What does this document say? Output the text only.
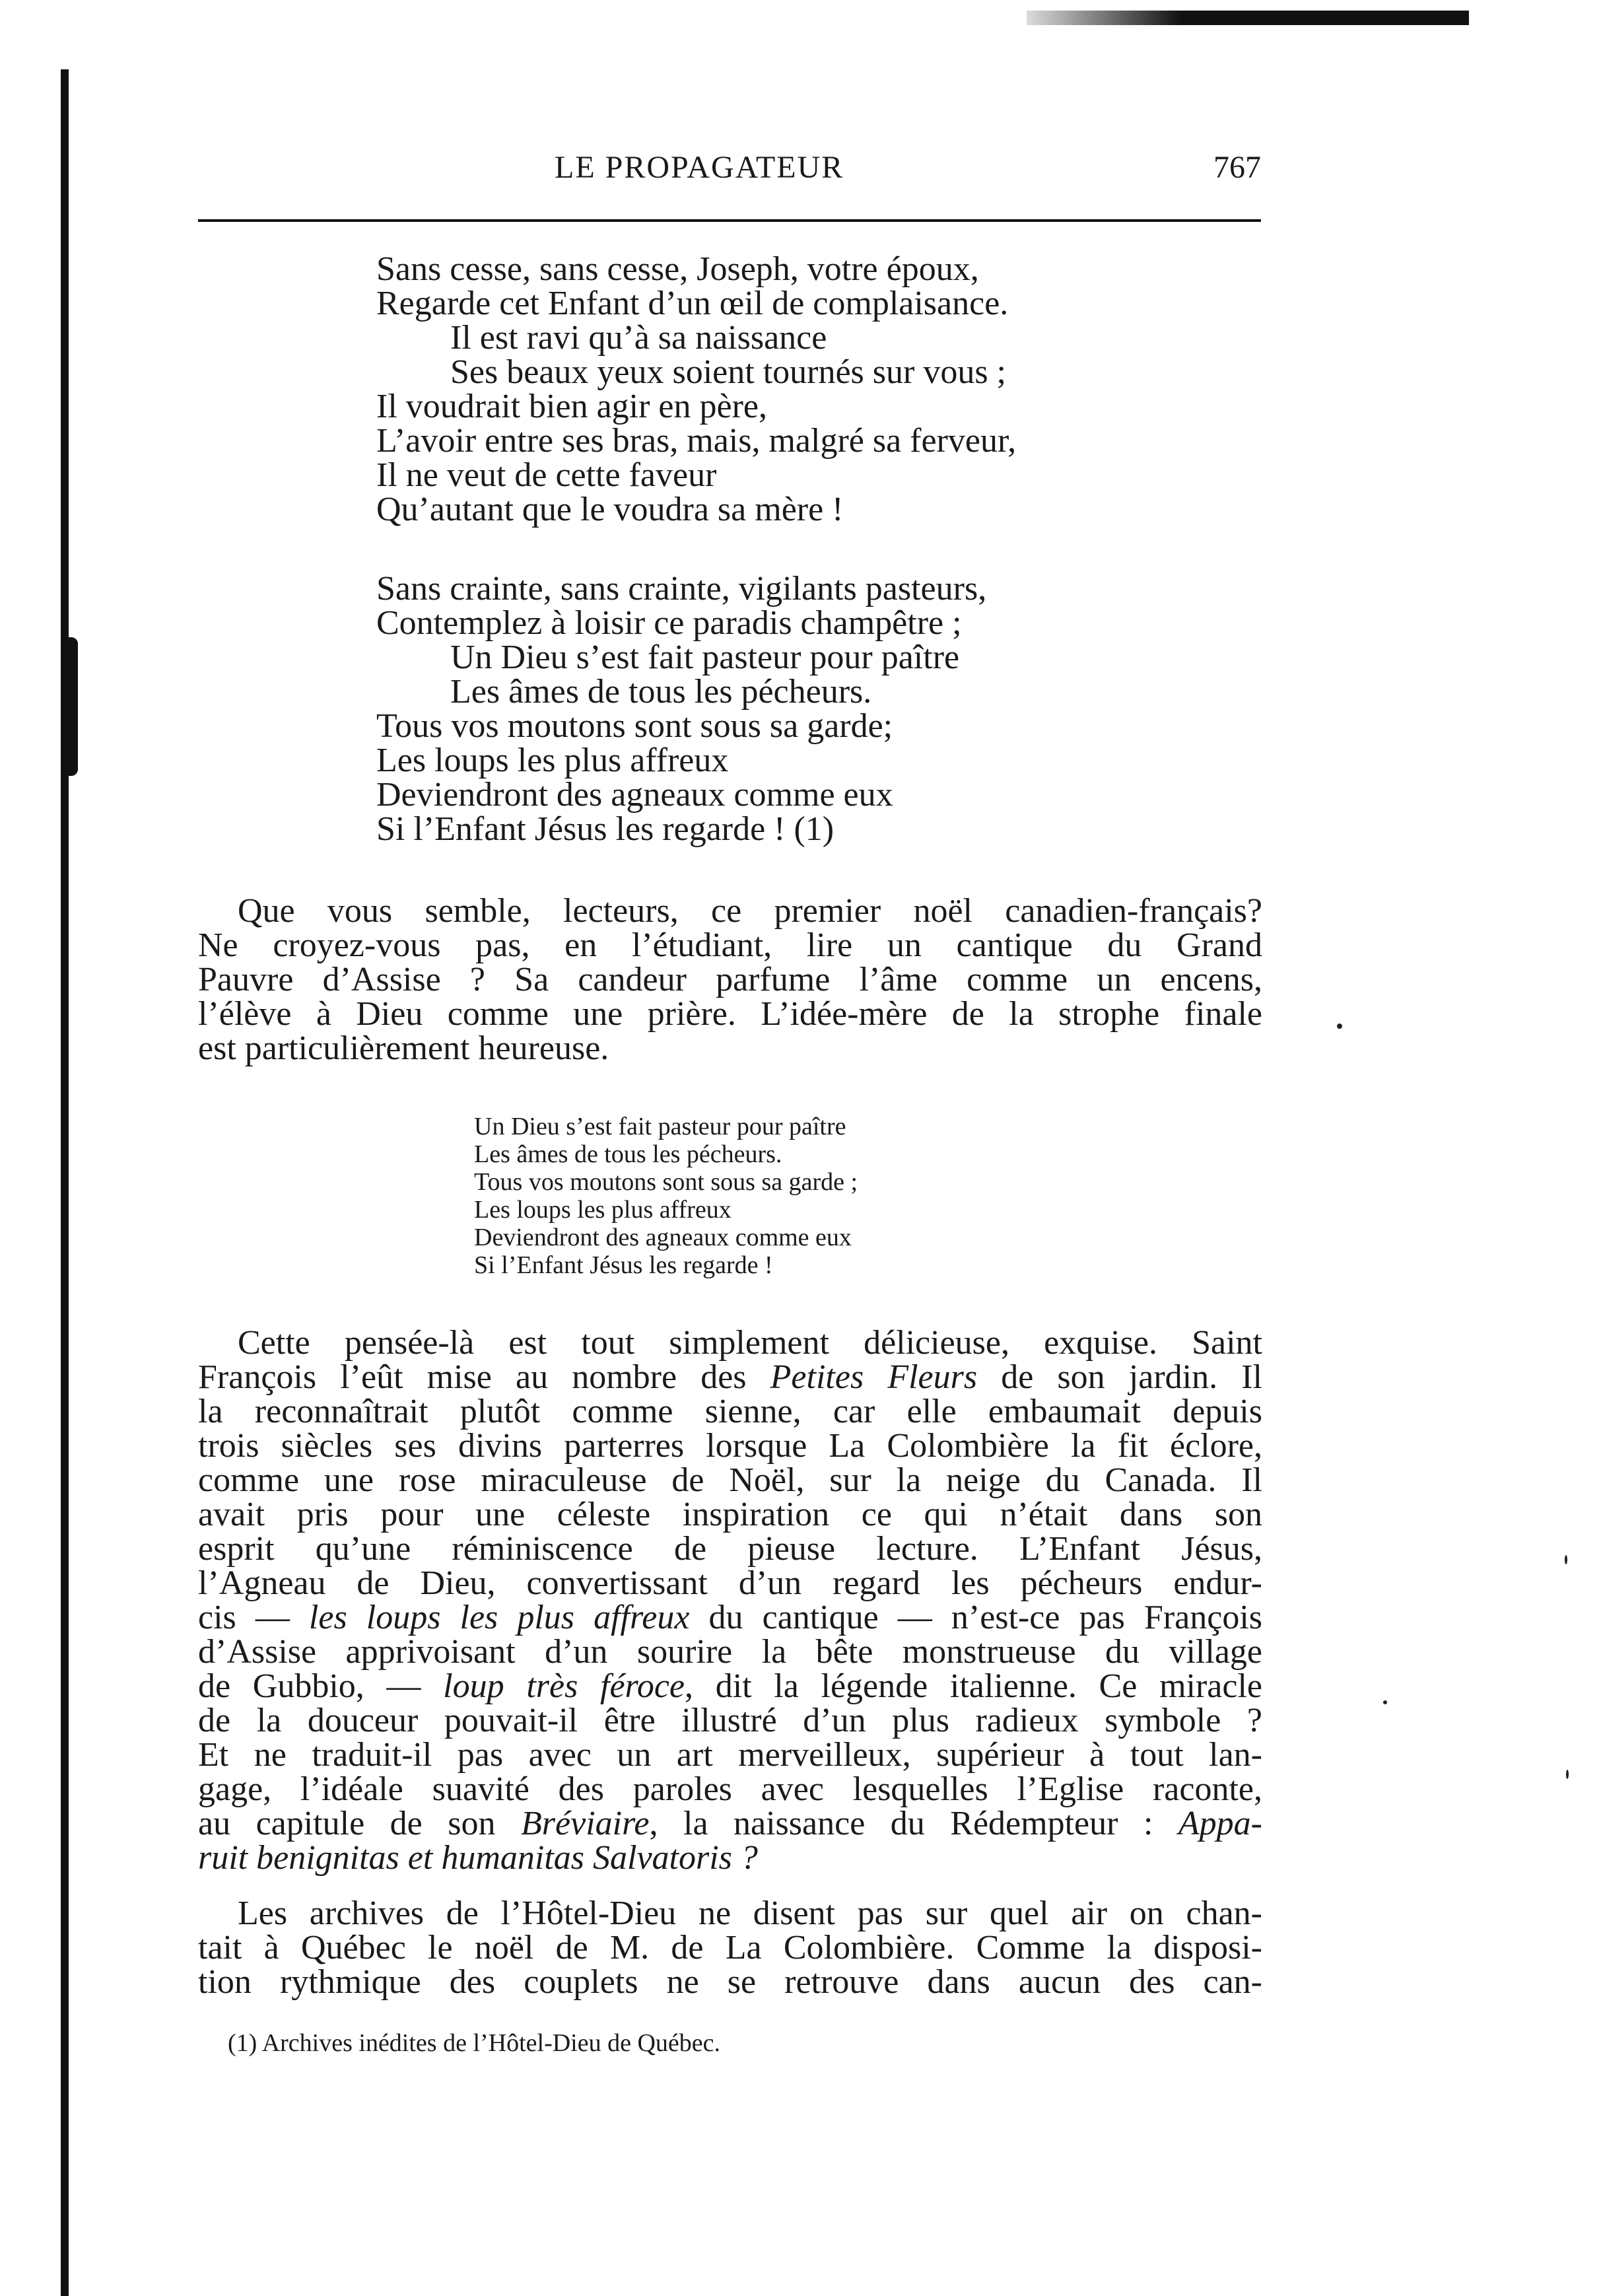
LE PROPAGATEUR	767
Sans cesse, sans cesse, Joseph, votre époux,
Regarde cet Enfant d’un œil de complaisance.
Il est ravi qu’à sa naissance
Ses beaux yeux soient tournés sur vous ;
Il voudrait bien agir en père,
L’avoir entre ses bras, mais, malgré sa ferveur,
Il ne veut de cette faveur
Qu’autant que le voudra sa mère !
Sans crainte, sans crainte, vigilants pasteurs,
Contemplez à loisir ce paradis champêtre ;
Un Dieu s’est fait pasteur pour paître
Les âmes de tous les pécheurs.
Tous vos moutons sont sous sa garde;
Les loups les plus affreux
Deviendront des agneaux comme eux
Si l’Enfant Jésus les regarde ! (1)
Que vous semble, lecteurs, ce premier noël canadien-français?
Ne croyez-vous pas, en l’étudiant, lire un cantique du Grand
Pauvre d’Assise ? Sa candeur parfume l’âme comme un encens,
l’élève à Dieu comme une prière. L’idée-mère de la strophe finale
est particulièrement heureuse.
Un Dieu s’est fait pasteur pour paître
Les âmes de tous les pécheurs.
Tous vos moutons sont sous sa garde ;
Les loups les plus affreux
Deviendront des agneaux comme eux
Si l’Enfant Jésus les regarde !
Cette pensée-là est tout simplement délicieuse, exquise. Saint
François l’eût mise au nombre des Petites Fleurs de son jardin. Il
la reconnaîtrait plutôt comme sienne, car elle embaumait depuis
trois siècles ses divins parterres lorsque La Colombière la fit éclore,
comme une rose miraculeuse de Noël, sur la neige du Canada. Il
avait pris pour une céleste inspiration ce qui n’était dans son
esprit qu’une réminiscence de pieuse lecture. L’Enfant Jésus,
l’Agneau de Dieu, convertissant d’un regard les pécheurs endur-
cis — les loups les plus affreux du cantique — n’est-ce pas François
d’Assise apprivoisant d’un sourire la bête monstrueuse du village
de Gubbio, — loup très féroce, dit la légende italienne. Ce miracle
de la douceur pouvait-il être illustré d’un plus radieux symbole ?
Et ne traduit-il pas avec un art merveilleux, supérieur à tout lan-
gage, l’idéale suavité des paroles avec lesquelles l’Eglise raconte,
au capitule de son Bréviaire, la naissance du Rédempteur : Appa-
ruit benignitas et humanitas Salvatoris ?
Les archives de l’Hôtel-Dieu ne disent pas sur quel air on chan-
tait à Québec le noël de M. de La Colombière. Comme la disposi-
tion rythmique des couplets ne se retrouve dans aucun des can-
(1) Archives inédites de l’Hôtel-Dieu de Québec.
